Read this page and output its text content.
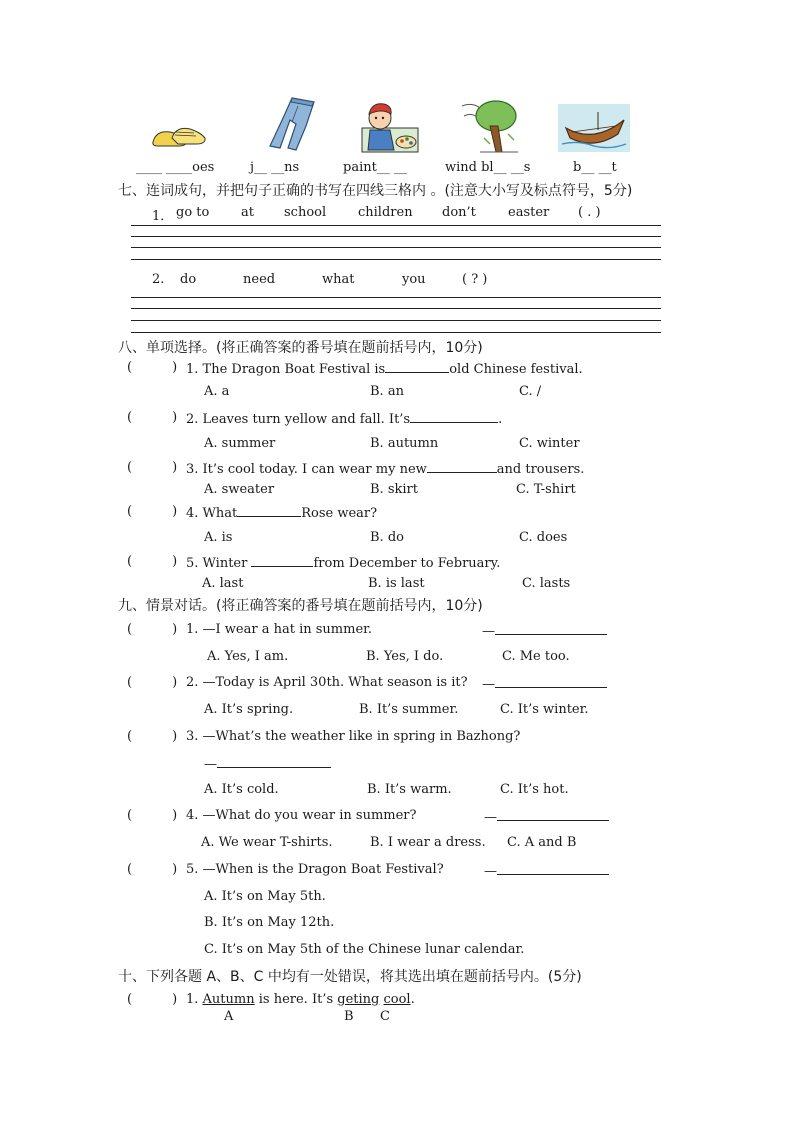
____ ____oes	j__ __ns	paint__ __	wind bl__ __s	b__ __t
七、连词成句，并把句子正确的书写在四线三格内 。(注意大小写及标点符号，5分)
1． go to at school children don’t easter ( . )
2. do	need	what	you	( ? )
八、单项选择。(将正确答案的番号填在题前括号内，10分)
(	) 1. The Dragon Boat Festival is	old Chinese festival.
A. a	B. an	C. /
(	) 2. Leaves turn yellow and fall. It’s	.
A. summer	B. autumn	C. winter
(	) 3. It’s cool today. I can wear my new	and trousers.
A. sweater	B. skirt	C. T-shirt
(	) 4. What	Rose wear?
A. is	B. do	C. does
(	) 5. Winter	from December to February.
A. last	B. is last	C. lasts
九、情景对话。(将正确答案的番号填在题前括号内，10分)
(	) 1. —I wear a hat in summer.	—
A. Yes, I am.	B. Yes, I do.	C. Me too.
(	) 2. —Today is April 30th. What season is it? —
A. It’s spring.	B. It’s summer.	C. It’s winter.
(	) 3. —What’s the weather like in spring in Bazhong?
—
A. It’s cold.	B. It’s warm.	C. It’s hot.
(	) 4. —What do you wear in summer?	—
A. We wear T-shirts.	B. I wear a dress. C. A and B
(	) 5. —When is the Dragon Boat Festival?	—
A. It’s on May 5th.
B. It’s on May 12th.
C. It’s on May 5th of the Chinese lunar calendar.
十、下列各题 A、B、C 中均有一处错误，将其选出填在题前括号内。(5分)
(	) 1. Autumn is here. It’s geting cool.
A	B C
